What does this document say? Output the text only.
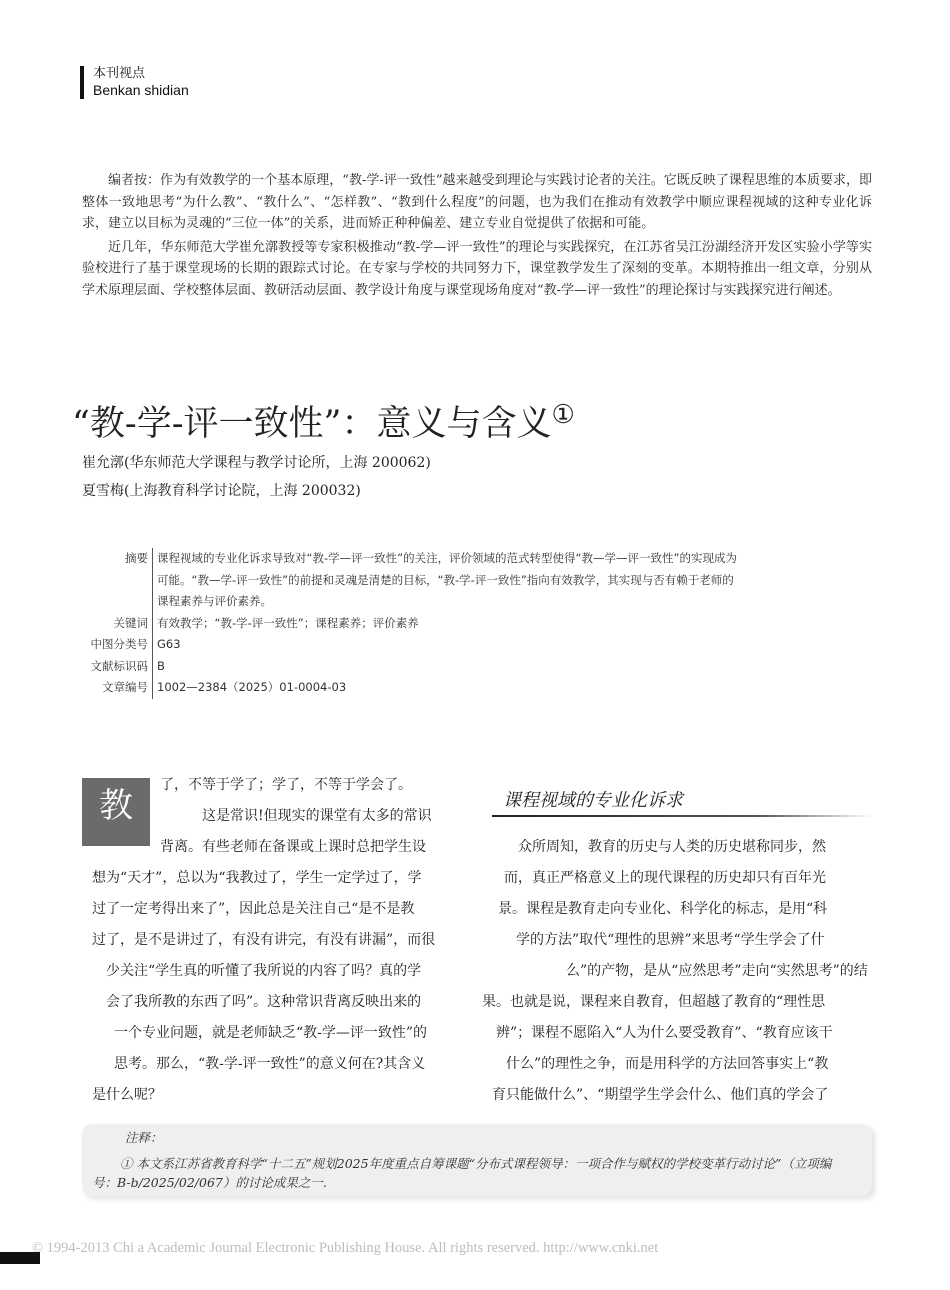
本刊视点
Benkan shidian

编者按：作为有效教学的一个基本原理，“教-学-评一致性”越来越受到理论与实践讨论者的关注。它既反映了课程思维的本质要求，即整体一致地思考“为什么教”、“教什么”、“怎样教”、“教到什么程度”的问题，也为我们在推动有效教学中顺应课程视域的这种专业化诉求，建立以目标为灵魂的“三位一体”的关系，进而矫正种种偏差、建立专业自觉提供了依据和可能。

近几年，华东师范大学崔允漷教授等专家积极推动“教-学—评一致性”的理论与实践探究，在江苏省吴江汾湖经济开发区实验小学等实验校进行了基于课堂现场的长期的跟踪式讨论。在专家与学校的共同努力下，课堂教学发生了深刻的变革。本期特推出一组文章，分别从学术原理层面、学校整体层面、教研活动层面、教学设计角度与课堂现场角度对“教-学—评一致性”的理论探讨与实践探究进行阐述。

“教-学-评一致性”：意义与含义①
崔允漷(华东师范大学课程与教学讨论所，上海 200062)
夏雪梅(上海教育科学讨论院，上海 200032)
摘要 课程视域的专业化诉求导致对“教-学—评一致性”的关注，评价领域的范式转型使得“教—学—评一致性”的实现成为
可能。“教—学-评一致性”的前提和灵魂是清楚的目标，“教-学-评一致性”指向有效教学，其实现与否有赖于老师的
课程素养与评价素养。
关键词 有效教学；“教-学-评一致性”；课程素养；评价素养
中图分类号 G63
文献标识码 B
文章编号 1002—2384（2025）01-0004-03
教
了，不等于学了；学了，不等于学会了。
这是常识!但现实的课堂有太多的常识
背离。有些老师在备课或上课时总把学生设
想为“天才”，总以为“我教过了，学生一定学过了，学
过了一定考得出来了”，因此总是关注自己“是不是教
过了，是不是讲过了，有没有讲完，有没有讲漏”，而很
少关注“学生真的听懂了我所说的内容了吗？真的学
会了我所教的东西了吗”。这种常识背离反映出来的
一个专业问题，就是老师缺乏“教-学—评一致性”的
思考。那么，“教-学-评一致性”的意义何在?其含义
是什么呢？
课程视域的专业化诉求
众所周知，教育的历史与人类的历史堪称同步，然
而，真正严格意义上的现代课程的历史却只有百年光
景。课程是教育走向专业化、科学化的标志，是用“科
学的方法”取代“理性的思辨”来思考“学生学会了什
么”的产物，是从“应然思考”走向“实然思考”的结
果。也就是说，课程来自教育，但超越了教育的“理性思
辨”；课程不愿陷入“人为什么要受教育”、“教育应该干
什么”的理性之争，而是用科学的方法回答事实上“教
育只能做什么”、“期望学生学会什么、他们真的学会了
注释：
① 本文系江苏省教育科学“十二五”规划2025年度重点自筹课题“分布式课程领导：一项合作与赋权的学校变革行动讨论”（立项编号：B-b/2025/02/067）的讨论成果之一.
© 1994-2013 Chi a Academic Journal Electronic Publishing House. All rights reserved. http://www.cnki.net
